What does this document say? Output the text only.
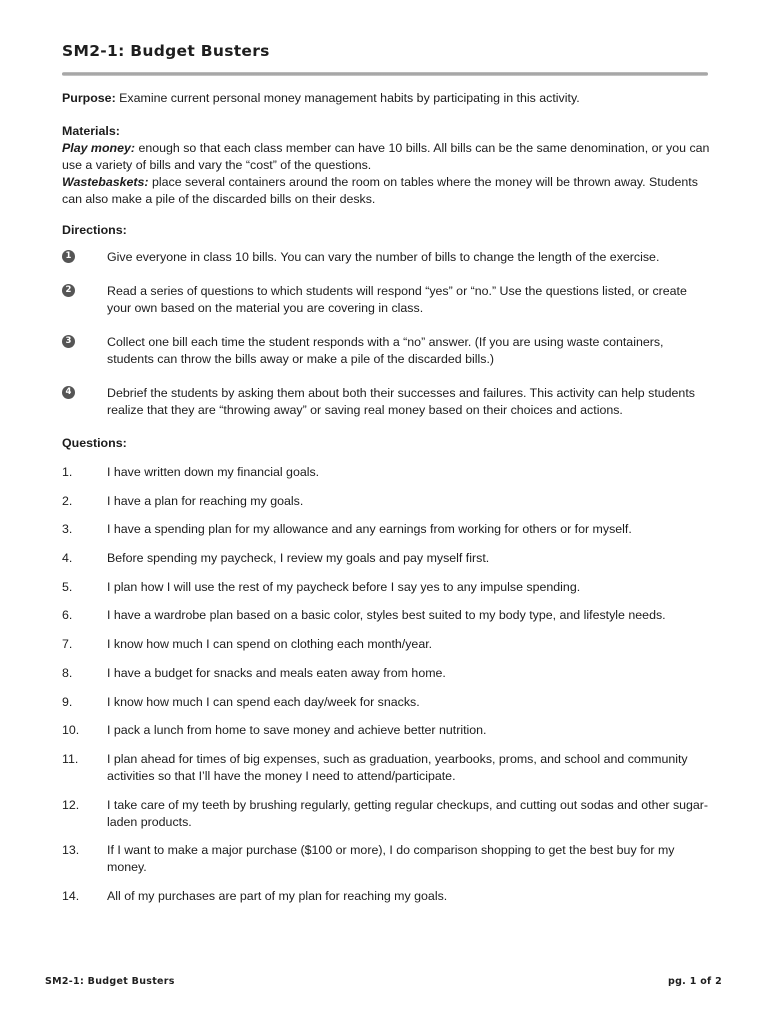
SM2-1: Budget Busters

Purpose: Examine current personal money management habits by participating in this activity.

Materials:

Play money: enough so that each class member can have 10 bills. All bills can be the same denomination, or you can use a variety of bills and vary the “cost” of the questions.

Wastebaskets: place several containers around the room on tables where the money will be thrown away. Students can also make a pile of the discarded bills on their desks.

Directions:

1	Give everyone in class 10 bills. You can vary the number of bills to change the length of the exercise.
2	Read a series of questions to which students will respond “yes” or “no.” Use the questions listed, or create your own based on the material you are covering in class.
3	Collect one bill each time the student responds with a “no” answer. (If you are using waste containers, students can throw the bills away or make a pile of the discarded bills.)
4	Debrief the students by asking them about both their successes and failures. This activity can help students realize that they are “throwing away” or saving real money based on their choices and actions.

Questions:

1.	I have written down my financial goals.
2.	I have a plan for reaching my goals.
3.	I have a spending plan for my allowance and any earnings from working for others or for myself.
4.	Before spending my paycheck, I review my goals and pay myself first.
5.	I plan how I will use the rest of my paycheck before I say yes to any impulse spending.
6.	I have a wardrobe plan based on a basic color, styles best suited to my body type, and lifestyle needs.
7.	I know how much I can spend on clothing each month/year.
8.	I have a budget for snacks and meals eaten away from home.
9.	I know how much I can spend each day/week for snacks.
10. I pack a lunch from home to save money and achieve better nutrition.
11. I plan ahead for times of big expenses, such as graduation, yearbooks, proms, and school and community activities so that I’ll have the money I need to attend/participate.
12. I take care of my teeth by brushing regularly, getting regular checkups, and cutting out sodas and other sugar-laden products.
13. If I want to make a major purchase ($100 or more), I do comparison shopping to get the best buy for my money.
14. All of my purchases are part of my plan for reaching my goals.
SM2-1: Budget Busters	pg. 1 of 2
